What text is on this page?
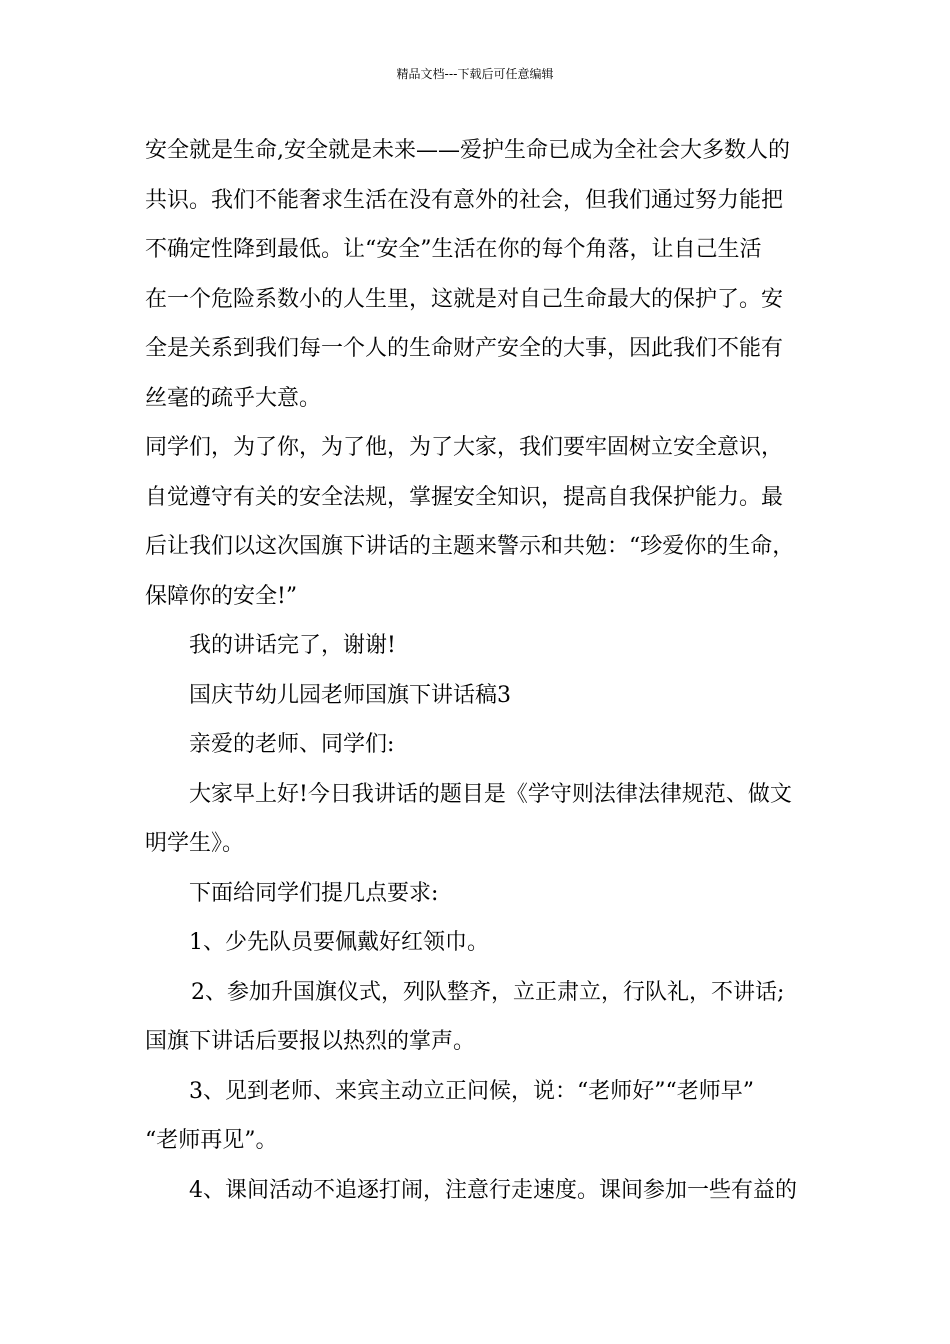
精品文档---下载后可任意编辑
安全就是生命,安全就是未来——爱护生命已成为全社会大多数人的
共识。我们不能奢求生活在没有意外的社会，但我们通过努力能把
不确定性降到最低。让“安全”生活在你的每个角落，让自己生活
在一个危险系数小的人生里，这就是对自己生命最大的保护了。安
全是关系到我们每一个人的生命财产安全的大事，因此我们不能有
丝毫的疏乎大意。
同学们，为了你，为了他，为了大家，我们要牢固树立安全意识，
自觉遵守有关的安全法规，掌握安全知识，提高自我保护能力。最
后让我们以这次国旗下讲话的主题来警示和共勉：“珍爱你的生命，
保障你的安全!”
我的讲话完了，谢谢!
国庆节幼儿园老师国旗下讲话稿3
亲爱的老师、同学们:
大家早上好!今日我讲话的题目是《学守则法律法律规范、做文
明学生》。
下面给同学们提几点要求:
1、少先队员要佩戴好红领巾。
2、参加升国旗仪式，列队整齐，立正肃立，行队礼，不讲话;
国旗下讲话后要报以热烈的掌声。
3、见到老师、来宾主动立正问候，说：“老师好”“老师早”
“老师再见”。
4、课间活动不追逐打闹，注意行走速度。课间参加一些有益的
